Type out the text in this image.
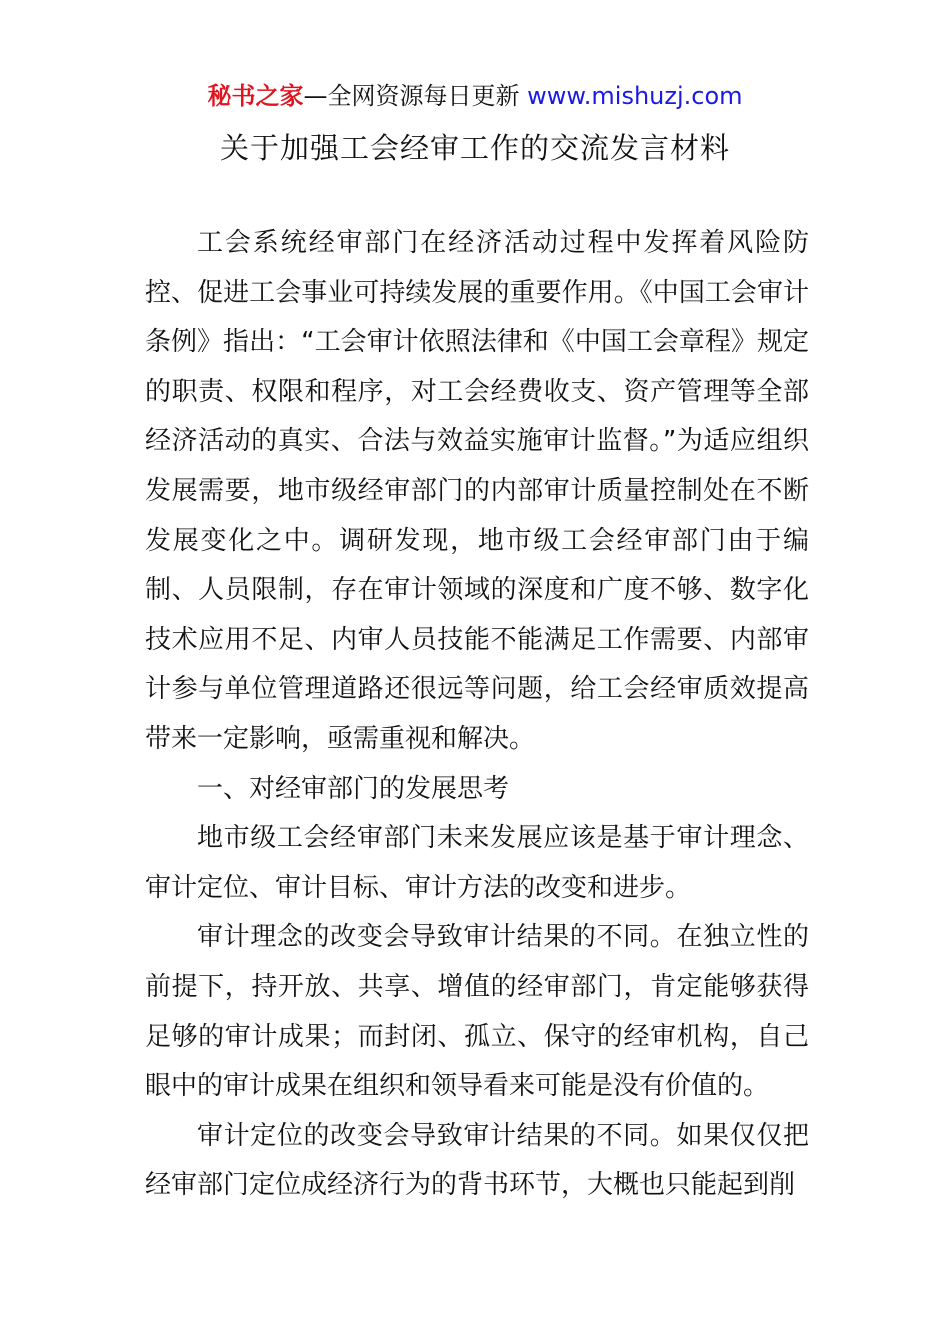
秘书之家—全网资源每日更新 www.mishuzj.com
关于加强工会经审工作的交流发言材料

工会系统经审部门在经济活动过程中发挥着风险防控、促进工会事业可持续发展的重要作用。《中国工会审计条例》指出：“工会审计依照法律和《中国工会章程》规定的职责、权限和程序，对工会经费收支、资产管理等全部经济活动的真实、合法与效益实施审计监督。”为适应组织发展需要，地市级经审部门的内部审计质量控制处在不断发展变化之中。调研发现，地市级工会经审部门由于编制、人员限制，存在审计领域的深度和广度不够、数字化技术应用不足、内审人员技能不能满足工作需要、内部审计参与单位管理道路还很远等问题，给工会经审质效提高带来一定影响，亟需重视和解决。

一、对经审部门的发展思考

地市级工会经审部门未来发展应该是基于审计理念、审计定位、审计目标、审计方法的改变和进步。

审计理念的改变会导致审计结果的不同。在独立性的前提下，持开放、共享、增值的经审部门，肯定能够获得足够的审计成果；而封闭、孤立、保守的经审机构，自己眼中的审计成果在组织和领导看来可能是没有价值的。

审计定位的改变会导致审计结果的不同。如果仅仅把经审部门定位成经济行为的背书环节，大概也只能起到削
